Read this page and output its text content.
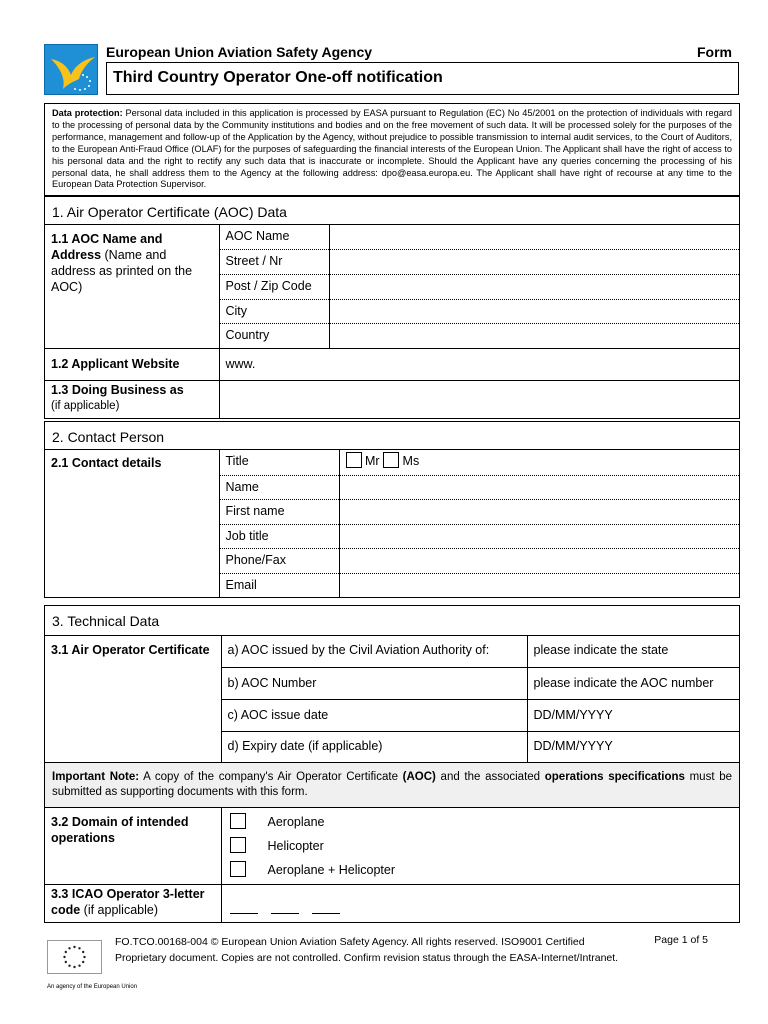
European Union Aviation Safety Agency	Form
Third Country Operator One-off notification
Data protection: Personal data included in this application is processed by EASA pursuant to Regulation (EC) No 45/2001 on the protection of individuals with regard to the processing of personal data by the Community institutions and bodies and on the free movement of such data. It will be processed solely for the purposes of the performance, management and follow-up of the Application by the Agency, without prejudice to possible transmission to internal audit services, to the Court of Auditors, to the European Anti-Fraud Office (OLAF) for the purposes of safeguarding the financial interests of the European Union. The Applicant shall have the right of access to his personal data and the right to rectify any such data that is inaccurate or incomplete. Should the Applicant have any queries concerning the processing of his personal data, he shall address them to the Agency at the following address: dpo@easa.europa.eu. The Applicant shall have right of recourse at any time to the European Data Protection Supervisor.
1. Air Operator Certificate (AOC) Data
1.1 AOC Name and Address (Name and address as printed on the AOC)	AOC Name	
	Street / Nr	
	Post / Zip Code	
	City	
	Country	
1.2 Applicant Website	www.	
1.3 Doing Business as
(if applicable)		
2. Contact Person
2.1 Contact details	Title	Mr Ms
	Name	
	First name	
	Job title	
	Phone/Fax	
	Email	
3. Technical Data
3.1 Air Operator Certificate	a) AOC issued by the Civil Aviation Authority of:	please indicate the state
	b) AOC Number	please indicate the AOC number
	c) AOC issue date	DD/MM/YYYY
	d) Expiry date (if applicable)	DD/MM/YYYY
Important Note: A copy of the company's Air Operator Certificate (AOC) and the associated operations specifications must be submitted as supporting documents with this form.		
3.2 Domain of intended operations	Aeroplane
Helicopter
Aeroplane + Helicopter	

3.3 ICAO Operator 3-letter code (if applicable)		
FO.TCO.00168-004 © European Union Aviation Safety Agency. All rights reserved. ISO9001 Certified
Proprietary document. Copies are not controlled. Confirm revision status through the EASA-Internet/Intranet.
Page 1 of 5
An agency of the European Union
